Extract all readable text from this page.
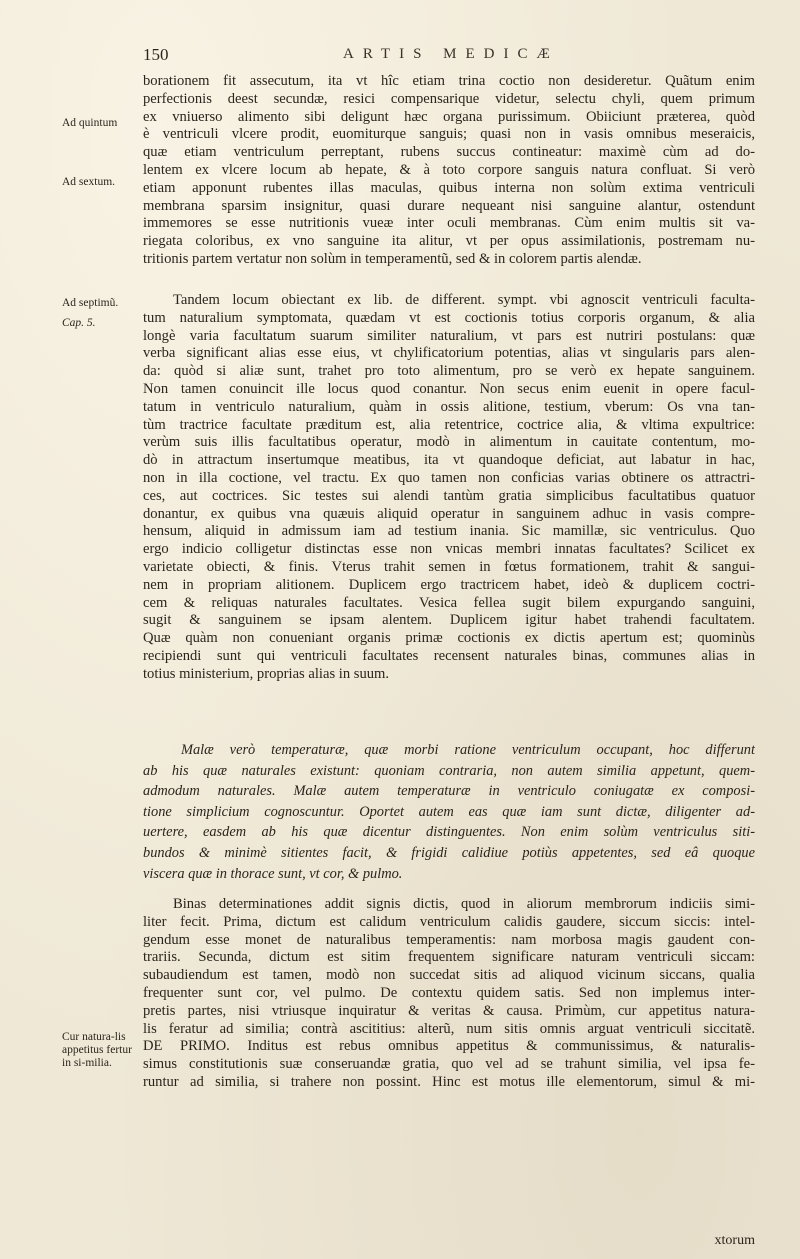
150	ARTIS MEDICÆ
Ad quintum
Ad sextum.
Ad septimũ.
Cap. 5.
Cur natura-lis appetitus fertur in si-milia.
borationem fit assecutum, ita vt hîc etiam trina coctio non desideretur. Quãtum enim
perfectionis deest secundæ, resici compensarique videtur, selectu chyli, quem primum
ex vniuerso alimento sibi deligunt hæc organa purissimum. Obiiciunt præterea, quòd
è ventriculi vlcere prodit, euomiturque sanguis; quasi non in vasis omnibus meseraicis,
quæ etiam ventriculum perreptant, rubens succus contineatur: maximè cùm ad do-
lentem ex vlcere locum ab hepate, & à toto corpore sanguis natura confluat. Si verò
etiam apponunt rubentes illas maculas, quibus interna non solùm extima ventriculi
membrana sparsim insignitur, quasi durare nequeant nisi sanguine alantur, ostendunt
immemores se esse nutritionis vueæ inter oculi membranas. Cùm enim multis sit va-
riegata coloribus, ex vno sanguine ita alitur, vt per opus assimilationis, postremam nu-
tritionis partem vertatur non solùm in temperamentũ, sed & in colorem partis alendæ.
Tandem locum obiectant ex lib. de different. sympt. vbi agnoscit ventriculi faculta-
tum naturalium symptomata, quædam vt est coctionis totius corporis organum, & alia
longè varia facultatum suarum similiter naturalium, vt pars est nutriri postulans: quæ
verba significant alias esse eius, vt chylificatorium potentias, alias vt singularis pars alen-
da: quòd si aliæ sunt, trahet pro toto alimentum, pro se verò ex hepate sanguinem.
Non tamen conuincit ille locus quod conantur. Non secus enim euenit in opere facul-
tatum in ventriculo naturalium, quàm in ossis alitione, testium, vberum: Os vna tan-
tùm tractrice facultate præditum est, alia retentrice, coctrice alia, & vltima expultrice:
verùm suis illis facultatibus operatur, modò in alimentum in cauitate contentum, mo-
dò in attractum insertumque meatibus, ita vt quandoque deficiat, aut labatur in hac,
non in illa coctione, vel tractu. Ex quo tamen non conficias varias obtinere os attractri-
ces, aut coctrices. Sic testes sui alendi tantùm gratia simplicibus facultatibus quatuor
donantur, ex quibus vna quæuis aliquid operatur in sanguinem adhuc in vasis compre-
hensum, aliquid in admissum iam ad testium inania. Sic mamillæ, sic ventriculus. Quo
ergo indicio colligetur distinctas esse non vnicas membri innatas facultates? Scilicet ex
varietate obiecti, & finis. Vterus trahit semen in fœtus formationem, trahit & sangui-
nem in propriam alitionem. Duplicem ergo tractricem habet, ideò & duplicem coctri-
cem & reliquas naturales facultates. Vesica fellea sugit bilem expurgando sanguini,
sugit & sanguinem se ipsam alentem. Duplicem igitur habet trahendi facultatem.
Quæ quàm non conueniant organis primæ coctionis ex dictis apertum est; quominùs
recipiendi sunt qui ventriculi facultates recensent naturales binas, communes alias in
totius ministerium, proprias alias in suum.
Malæ verò temperaturæ, quæ morbi ratione ventriculum occupant, hoc differunt
ab his quæ naturales existunt: quoniam contraria, non autem similia appetunt, quem-
admodum naturales. Malæ autem temperaturæ in ventriculo coniugatæ ex composi-
tione simplicium cognoscuntur. Oportet autem eas quæ iam sunt dictæ, diligenter ad-
uertere, easdem ab his quæ dicentur distinguentes. Non enim solùm ventriculus siti-
bundos & minimè sitientes facit, & frigidi calidiue potiùs appetentes, sed eâ quoque
viscera quæ in thorace sunt, vt cor, & pulmo.
Binas determinationes addit signis dictis, quod in aliorum membrorum indiciis simi-
liter fecit. Prima, dictum est calidum ventriculum calidis gaudere, siccum siccis: intel-
gendum esse monet de naturalibus temperamentis: nam morbosa magis gaudent con-
trariis. Secunda, dictum est sitim frequentem significare naturam ventriculi siccam:
subaudiendum est tamen, modò non succedat sitis ad aliquod vicinum siccans, qualia
frequenter sunt cor, vel pulmo. De contextu quidem satis. Sed non implemus inter-
pretis partes, nisi vtriusque inquiratur & veritas & causa. Primùm, cur appetitus natura-
lis feratur ad similia; contrà ascititius: alterũ, num sitis omnis arguat ventriculi siccitatẽ.
DE PRIMO. Inditus est rebus omnibus appetitus & communissimus, & naturalis-
simus constitutionis suæ conseruandæ gratia, quo vel ad se trahunt similia, vel ipsa fe-
runtur ad similia, si trahere non possint. Hinc est motus ille elementorum, simul & mi-
xtorum
